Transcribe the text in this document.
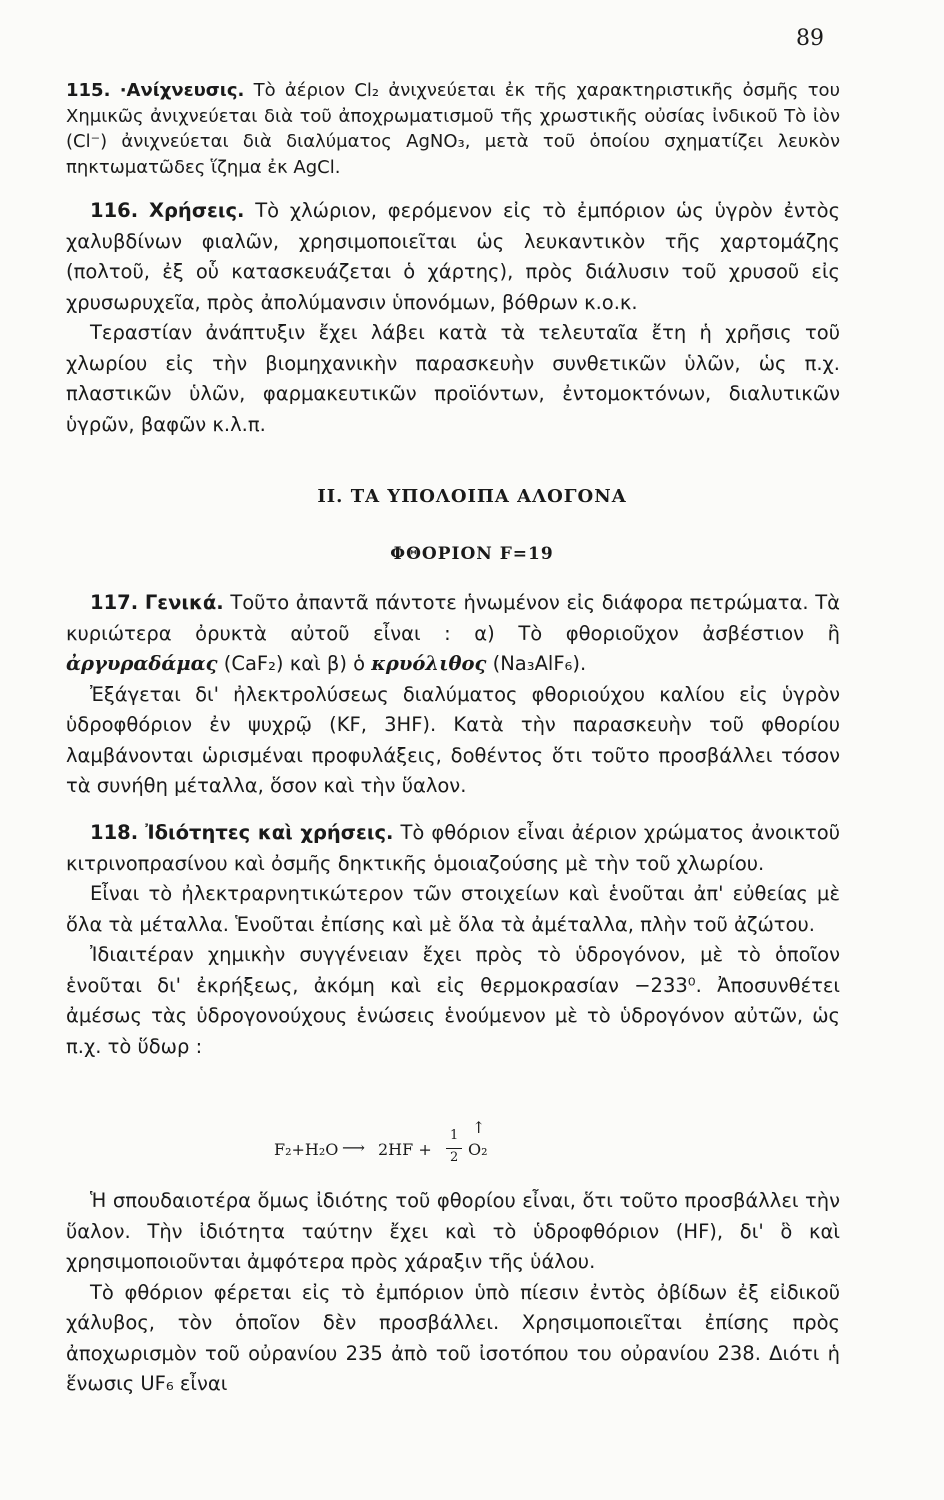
89
115. ·Ανίχνευσις. Τὸ ἀέριον Cl₂ ἀνιχνεύεται ἐκ τῆς χαρακτηριστικῆς ὀσμῆς του Χημικῶς ἀνιχνεύεται διὰ τοῦ ἀποχρωματισμοῦ τῆς χρωστικῆς οὐσίας ἰνδικοῦ Τὸ ἰὸν (Cl⁻) ἀνιχνεύεται διὰ διαλύματος AgNO₃, μετὰ τοῦ ὁποίου σχηματίζει λευκὸν πηκτωματῶδες ἵζημα ἐκ AgCl.
116. Χρήσεις. Τὸ χλώριον, φερόμενον εἰς τὸ ἐμπόριον ὡς ὑγρὸν ἐντὸς χαλυβδίνων φιαλῶν, χρησιμοποιεῖται ὡς λευκαντικὸν τῆς χαρτομάζης (πολτοῦ, ἐξ οὗ κατασκευάζεται ὁ χάρτης), πρὸς διάλυσιν τοῦ χρυσοῦ εἰς χρυσωρυχεῖα, πρὸς ἀπολύμανσιν ὑπονόμων, βόθρων κ.ο.κ.
Τεραστίαν ἀνάπτυξιν ἔχει λάβει κατὰ τὰ τελευταῖα ἔτη ἡ χρῆσις τοῦ χλωρίου εἰς τὴν βιομηχανικὴν παρασκευὴν συνθετικῶν ὑλῶν, ὡς π.χ. πλαστικῶν ὑλῶν, φαρμακευτικῶν προϊόντων, ἐντομοκτόνων, διαλυτικῶν ὑγρῶν, βαφῶν κ.λ.π.
II. ΤΑ ΥΠΟΛΟΙΠΑ ΑΛΟΓΟΝΑ
ΦΘΟΡΙΟΝ F=19
117. Γενικά. Τοῦτο ἀπαντᾶ πάντοτε ἡνωμένον εἰς διάφορα πετρώματα. Τὰ κυριώτερα ὀρυκτὰ αὐτοῦ εἶναι : α) Τὸ φθοριοῦχον ἀσβέστιον ἢ ἀργυραδάμας (CaF₂) καὶ β) ὁ κρυόλιθος (Na₃AlF₆).
Ἐξάγεται δι' ἠλεκτρολύσεως διαλύματος φθοριούχου καλίου εἰς ὑγρὸν ὑδροφθόριον ἐν ψυχρῷ (KF, 3HF). Κατὰ τὴν παρασκευὴν τοῦ φθορίου λαμβάνονται ὡρισμέναι προφυλάξεις, δοθέντος ὅτι τοῦτο προσβάλλει τόσον τὰ συνήθη μέταλλα, ὅσον καὶ τὴν ὕαλον.
118. Ἰδιότητες καὶ χρήσεις. Τὸ φθόριον εἶναι ἀέριον χρώματος ἀνοικτοῦ κιτρινοπρασίνου καὶ ὀσμῆς δηκτικῆς ὁμοιαζούσης μὲ τὴν τοῦ χλωρίου.
Εἶναι τὸ ἠλεκτραρνητικώτερον τῶν στοιχείων καὶ ἑνοῦται ἀπ' εὐθείας μὲ ὅλα τὰ μέταλλα. Ἑνοῦται ἐπίσης καὶ μὲ ὅλα τὰ ἀμέταλλα, πλὴν τοῦ ἀζώτου.
Ἰδιαιτέραν χημικὴν συγγένειαν ἔχει πρὸς τὸ ὑδρογόνον, μὲ τὸ ὁποῖον ἑνοῦται δι' ἐκρήξεως, ἀκόμη καὶ εἰς θερμοκρασίαν −233⁰. Ἀποσυνθέτει ἀμέσως τὰς ὑδρογονούχους ἑνώσεις ἑνούμενον μὲ τὸ ὑδρογόνον αὐτῶν, ὡς π.χ. τὸ ὕδωρ :
F₂+H₂O ⟶ 2HF +
1
2 O₂
↑
Ἡ σπουδαιοτέρα ὅμως ἰδιότης τοῦ φθορίου εἶναι, ὅτι τοῦτο προσβάλλει τὴν ὕαλον. Τὴν ἰδιότητα ταύτην ἔχει καὶ τὸ ὑδροφθόριον (HF), δι' ὃ καὶ χρησιμοποιοῦνται ἀμφότερα πρὸς χάραξιν τῆς ὑάλου.
Τὸ φθόριον φέρεται εἰς τὸ ἐμπόριον ὑπὸ πίεσιν ἐντὸς ὀβίδων ἐξ εἰδικοῦ χάλυβος, τὸν ὁποῖον δὲν προσβάλλει. Χρησιμοποιεῖται ἐπίσης πρὸς ἀποχωρισμὸν τοῦ οὐρανίου 235 ἀπὸ τοῦ ἰσοτόπου του οὐρανίου 238. Διότι ἡ ἕνωσις UF₆ εἶναι
